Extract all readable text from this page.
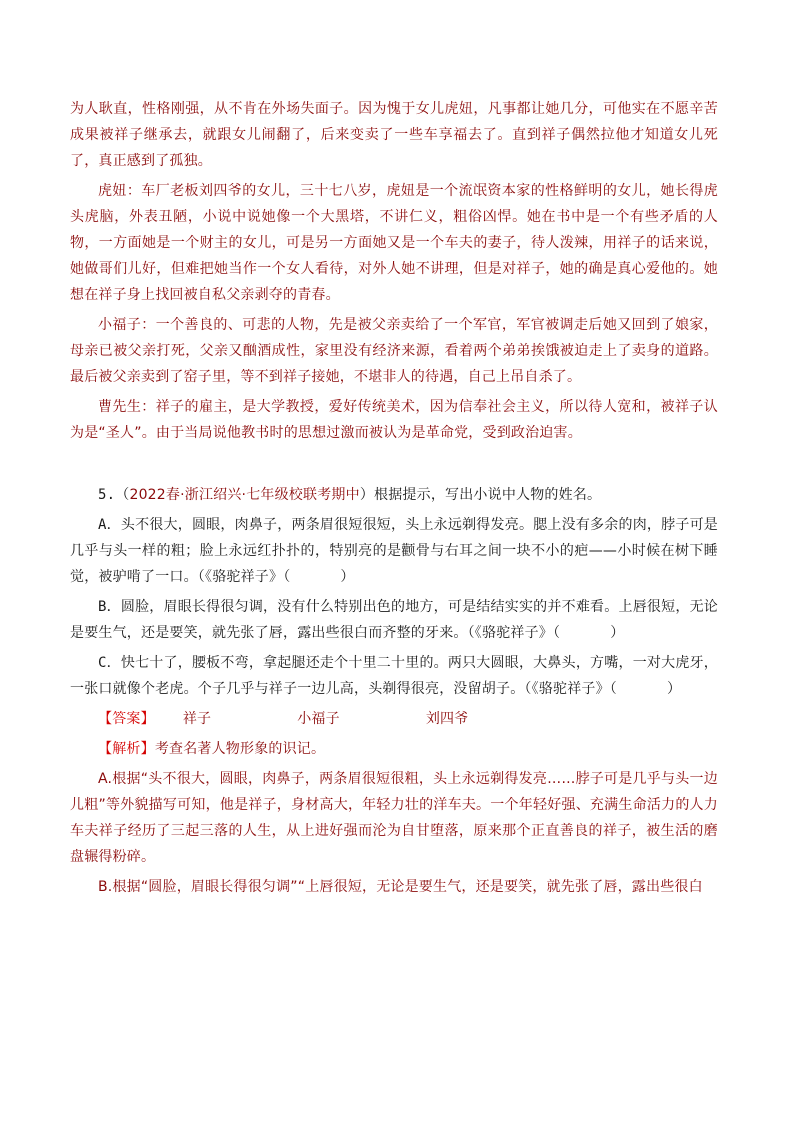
为人耿直，性格刚强，从不肯在外场失面子。因为愧于女儿虎妞，凡事都让她几分，可他实在不愿辛苦成果被祥子继承去，就跟女儿闹翻了，后来变卖了一些车享福去了。直到祥子偶然拉他才知道女儿死了，真正感到了孤独。

虎妞：车厂老板刘四爷的女儿，三十七八岁，虎妞是一个流氓资本家的性格鲜明的女儿，她长得虎头虎脑，外表丑陋，小说中说她像一个大黑塔，不讲仁义，粗俗凶悍。她在书中是一个有些矛盾的人物，一方面她是一个财主的女儿，可是另一方面她又是一个车夫的妻子，待人泼辣，用祥子的话来说，她做哥们儿好，但难把她当作一个女人看待，对外人她不讲理，但是对祥子，她的确是真心爱他的。她想在祥子身上找回被自私父亲剥夺的青春。

小福子：一个善良的、可悲的人物，先是被父亲卖给了一个军官，军官被调走后她又回到了娘家，母亲已被父亲打死，父亲又酗酒成性，家里没有经济来源，看着两个弟弟挨饿被迫走上了卖身的道路。最后被父亲卖到了窑子里，等不到祥子接她，不堪非人的待遇，自己上吊自杀了。

曹先生：祥子的雇主，是大学教授，爱好传统美术，因为信奉社会主义，所以待人宽和，被祥子认为是“圣人”。由于当局说他教书时的思想过激而被认为是革命党，受到政治迫害。

5.（2022春·浙江绍兴·七年级校联考期中）根据提示，写出小说中人物的姓名。

A．头不很大，圆眼，肉鼻子，两条眉很短很短，头上永远剃得发亮。腮上没有多余的肉，脖子可是几乎与头一样的粗；脸上永远红扑扑的，特别亮的是颧骨与右耳之间一块不小的疤——小时候在树下睡觉，被驴啃了一口。（《骆驼祥子》（	）

B．圆脸，眉眼长得很匀调，没有什么特别出色的地方，可是结结实实的并不难看。上唇很短，无论是要生气，还是要笑，就先张了唇，露出些很白而齐整的牙来。（《骆驼祥子》（	）

C．快七十了，腰板不弯，拿起腿还走个十里二十里的。两只大圆眼，大鼻头，方嘴，一对大虎牙，一张口就像个老虎。个子几乎与祥子一边儿高，头剃得很亮，没留胡子。（《骆驼祥子》（	）

【答案】 祥子	小福子	刘四爷

【解析】考查名著人物形象的识记。

A.根据“头不很大，圆眼，肉鼻子，两条眉很短很粗，头上永远剃得发亮……脖子可是几乎与头一边儿粗”等外貌描写可知，他是祥子，身材高大，年轻力壮的洋车夫。一个年轻好强、充满生命活力的人力车夫祥子经历了三起三落的人生，从上进好强而沦为自甘堕落，原来那个正直善良的祥子，被生活的磨盘辗得粉碎。

B.根据“圆脸，眉眼长得很匀调”“上唇很短，无论是要生气，还是要笑，就先张了唇，露出些很白
